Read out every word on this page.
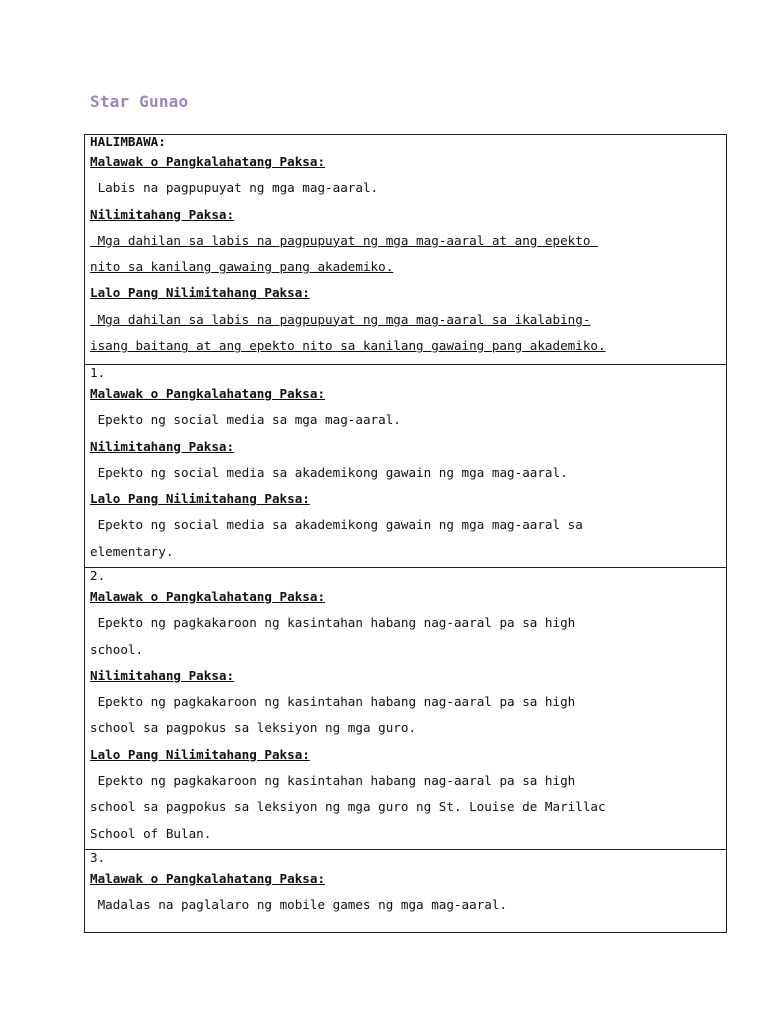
Star Gunao
HALIMBAWA:
Malawak o Pangkalahatang Paksa:
Labis na pagpupuyat ng mga mag-aaral.
Nilimitahang Paksa:
Mga dahilan sa labis na pagpupuyat ng mga mag-aaral at ang epekto
nito sa kanilang gawaing pang akademiko.
Lalo Pang Nilimitahang Paksa:
Mga dahilan sa labis na pagpupuyat ng mga mag-aaral sa ikalabing-
isang baitang at ang epekto nito sa kanilang gawaing pang akademiko.
1.
Malawak o Pangkalahatang Paksa:
Epekto ng social media sa mga mag-aaral.
Nilimitahang Paksa:
Epekto ng social media sa akademikong gawain ng mga mag-aaral.
Lalo Pang Nilimitahang Paksa:
Epekto ng social media sa akademikong gawain ng mga mag-aaral sa
elementary.
2.
Malawak o Pangkalahatang Paksa:
Epekto ng pagkakaroon ng kasintahan habang nag-aaral pa sa high
school.
Nilimitahang Paksa:
Epekto ng pagkakaroon ng kasintahan habang nag-aaral pa sa high
school sa pagpokus sa leksiyon ng mga guro.
Lalo Pang Nilimitahang Paksa:
Epekto ng pagkakaroon ng kasintahan habang nag-aaral pa sa high
school sa pagpokus sa leksiyon ng mga guro ng St. Louise de Marillac
School of Bulan.
3.
Malawak o Pangkalahatang Paksa:
Madalas na paglalaro ng mobile games ng mga mag-aaral.
